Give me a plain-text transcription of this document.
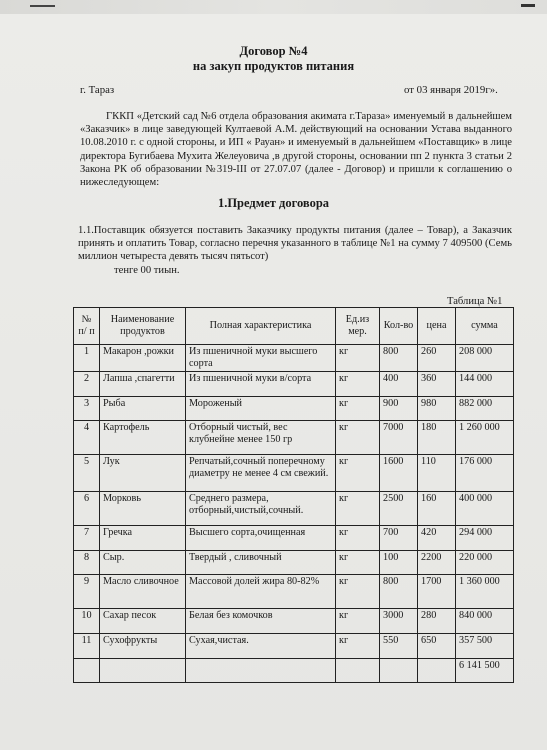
Договор №4
на закуп продуктов питания
г. Тараз	от 03 января 2019г».
ГККП «Детский сад №6 отдела образования акимата г.Тараза» именуемый в дальнейшем «Заказчик» в лице заведующей Култаевой А.М. действующий на основании Устава выданного 10.08.2010 г. с одной стороны, и ИП « Рауан» и именуемый в дальнейшем «Поставщик» в лице директора Бугибаева Мухита Желеуовича ,в другой стороны, основании пп 2 пункта 3 статьи 2 Закона РК об образовании №319-III от 27.07.07 (далее - Договор) и пришли к соглашению о нижеследующем:
1.Предмет договора
1.1.Поставщик обязуется поставить Заказчику продукты питания (далее – Товар), а Заказчик принять и оплатить Товар, согласно перечня указанного в таблице №1 на сумму 7 409500 (Семь миллион четыреста девять тысяч пятьсот)
тенге 00 тиын.
Таблица №1
№ п/ п	Наименование продуктов	Полная характеристика	Ед.из мер.	Кол-во	цена	сумма
1	Макарон ,рожки	Из пшеничной муки высшего сорта	кг	800	260	208 000
2	Лапша ,спагетти	Из пшеничной муки в/сорта	кг	400	360	144 000
3	Рыба	Мороженый	кг	900	980	882 000
4	Картофель	Отборный чистый, вес клубнейне менее 150 гр	кг	7000	180	1 260 000
5	Лук	Репчатый,сочный поперечному диаметру не менее 4 см свежий.	кг	1600	110	176 000
6	Морковь	Среднего размера, отборный,чистый,сочный.	кг	2500	160	400 000
7	Гречка	Высшего сорта,очищенная	кг	700	420	294 000
8	Сыр.	Твердый , сливочный	кг	100	2200	220 000
9	Масло сливочное	Массовой долей жира 80-82%	кг	800	1700	1 360 000
10	Сахар песок	Белая без комочков	кг	3000	280	840 000
11	Сухофрукты	Сухая,чистая.	кг	550	650	357 500
						6 141 500
